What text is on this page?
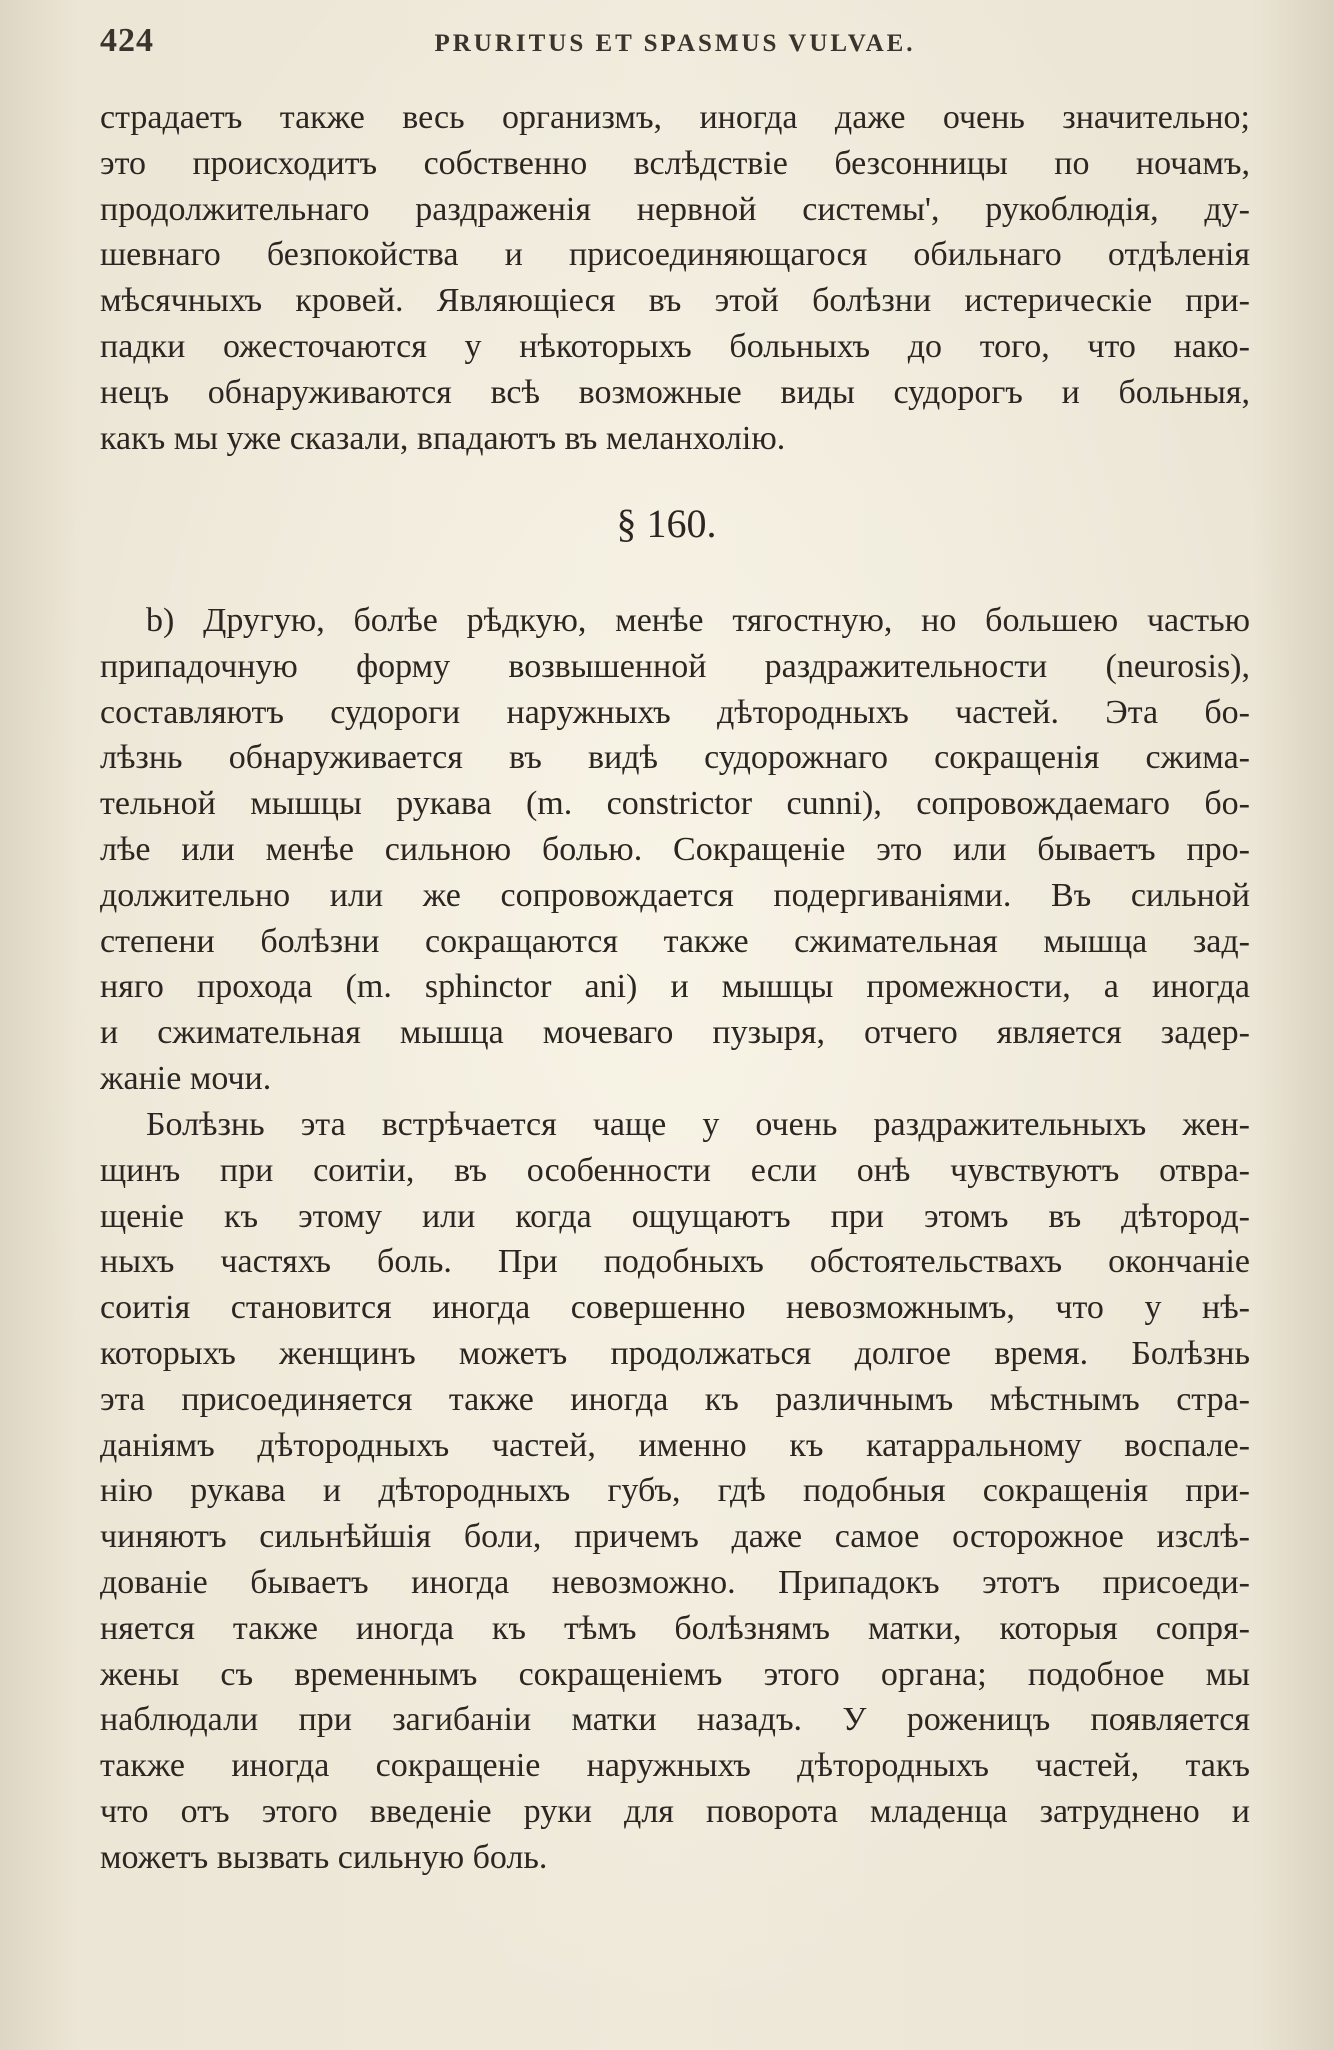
424	PRURITUS ET SPASMUS VULVAE.
страдаетъ также весь организмъ, иногда даже очень значительно;
это происходитъ собственно вслѣдствіе безсонницы по ночамъ,
продолжительнаго раздраженія нервной системы', рукоблюдія, ду-
шевнаго безпокойства и присоединяющагося обильнаго отдѣленія
мѣсячныхъ кровей. Являющіеся въ этой болѣзни истерическіе при-
падки ожесточаются у нѣкоторыхъ больныхъ до того, что нако-
нецъ обнаруживаются всѣ возможные виды судорогъ и больныя,
какъ мы уже сказали, впадаютъ въ меланхолію.
§ 160.
b) Другую, болѣе рѣдкую, менѣе тягостную, но большею частью
припадочную форму возвышенной раздражительности (neurosis),
составляютъ судороги наружныхъ дѣтородныхъ частей. Эта бо-
лѣзнь обнаруживается въ видѣ судорожнаго сокращенія сжима-
тельной мышцы рукава (m. constrictor cunni), сопровождаемаго бо-
лѣе или менѣе сильною болью. Сокращеніе это или бываетъ про-
должительно или же сопровождается подергиваніями. Въ сильной
степени болѣзни сокращаются также сжимательная мышца зад-
няго прохода (m. sphinctor ani) и мышцы промежности, а иногда
и сжимательная мышца мочеваго пузыря, отчего является задер-
жаніе мочи.
Болѣзнь эта встрѣчается чаще у очень раздражительныхъ жен-
щинъ при соитіи, въ особенности если онѣ чувствуютъ отвра-
щеніе къ этому или когда ощущаютъ при этомъ въ дѣтород-
ныхъ частяхъ боль. При подобныхъ обстоятельствахъ окончаніе
соитія становится иногда совершенно невозможнымъ, что у нѣ-
которыхъ женщинъ можетъ продолжаться долгое время. Болѣзнь
эта присоединяется также иногда къ различнымъ мѣстнымъ стра-
даніямъ дѣтородныхъ частей, именно къ катарральному воспале-
нію рукава и дѣтородныхъ губъ, гдѣ подобныя сокращенія при-
чиняютъ сильнѣйшія боли, причемъ даже самое осторожное изслѣ-
дованіе бываетъ иногда невозможно. Припадокъ этотъ присоеди-
няется также иногда къ тѣмъ болѣзнямъ матки, которыя сопря-
жены съ временнымъ сокращеніемъ этого органа; подобное мы
наблюдали при загибаніи матки назадъ. У роженицъ появляется
также иногда сокращеніе наружныхъ дѣтородныхъ частей, такъ
что отъ этого введеніе руки для поворота младенца затруднено и
можетъ вызвать сильную боль.
